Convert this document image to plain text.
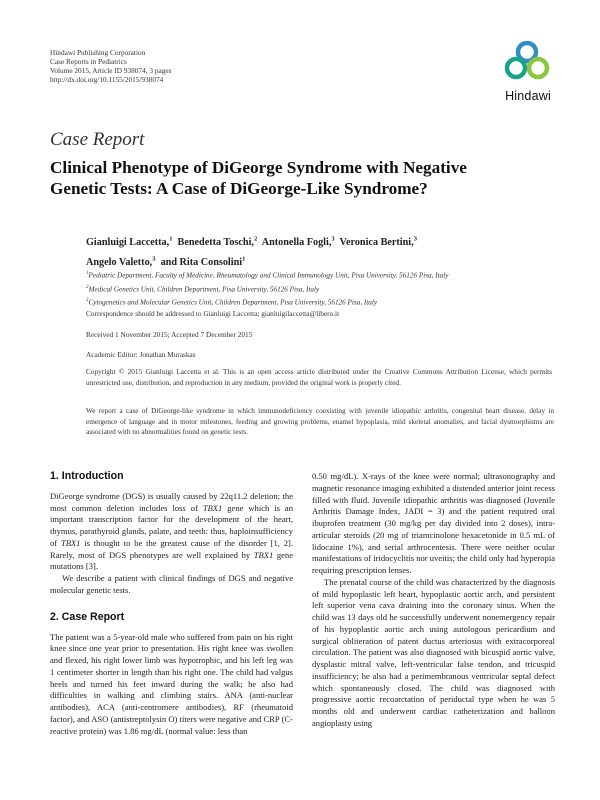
Hindawi Publishing Corporation
Case Reports in Pediatrics
Volume 2015, Article ID 938074, 3 pages
http://dx.doi.org/10.1155/2015/938074
Hindawi
Case Report
Clinical Phenotype of DiGeorge Syndrome with Negative Genetic Tests: A Case of DiGeorge-Like Syndrome?
Gianluigi Laccetta,$^1$ Benedetta Toschi,$^2$ Antonella Fogli,$^3$ Veronica Bertini,$^3$
Angelo Valetto,$^3$ and Rita Consolini$^1$
$^1$Pediatric Department, Faculty of Medicine, Rheumatology and Clinical Immunology Unit, Pisa University, 56126 Pisa, Italy
$^2$Medical Genetics Unit, Children Department, Pisa University, 56126 Pisa, Italy
$^3$Cytogenetics and Molecular Genetics Unit, Children Department, Pisa University, 56126 Pisa, Italy
Correspondence should be addressed to Gianluigi Laccetta; gianluigilaccetta@libero.it
Received 1 November 2015; Accepted 7 December 2015
Academic Editor: Jonathan Muraskas
Copyright © 2015 Gianluigi Laccetta et al. This is an open access article distributed under the Creative Commons Attribution License, which permits unrestricted use, distribution, and reproduction in any medium, provided the original work is properly cited.
We report a case of DiGeorge-like syndrome in which immunodeficiency coexisting with juvenile idiopathic arthritis, congenital heart disease, delay in emergence of language and in motor milestones, feeding and growing problems, enamel hypoplasia, mild skeletal anomalies, and facial dysmorphisms are associated with no abnormalities found on genetic tests.

1. Introduction

DiGeorge syndrome (DGS) is usually caused by 22q11.2 deletion; the most common deletion includes loss of TBX1 gene which is an important transcription factor for the development of the heart, thymus, parathyroid glands, palate, and teeth: thus, haploinsufficiency of TBX1 is thought to be the greatest cause of the disorder [1, 2]. Rarely, most of DGS phenotypes are well explained by TBX1 gene mutations [3].

We describe a patient with clinical findings of DGS and negative molecular genetic tests.

2. Case Report

The patient was a 5-year-old male who suffered from pain on his right knee since one year prior to presentation. His right knee was swollen and flexed, his right lower limb was hypotrophic, and his left leg was 1 centimeter shorter in length than his right one. The child had valgus heels and turned his feet inward during the walk; he also had difficulties in walking and climbing stairs. ANA (anti-nuclear antibodies), ACA (anti-centromere antibodies), RF (rheumatoid factor), and ASO (antistreptolysin O) titers were negative and CRP (C-reactive protein) was 1.86 mg/dL (normal value: less than

0.50 mg/dL). X-rays of the knee were normal; ultrasonography and magnetic resonance imaging exhibited a distended anterior joint recess filled with fluid. Juvenile idiopathic arthritis was diagnosed (Juvenile Arthritis Damage Index, JADI = 3) and the patient required oral ibuprofen treatment (30 mg/kg per day divided into 2 doses), intra-articular steroids (20 mg of triamcinolone hexacetonide in 0.5 mL of lidocaine 1%), and serial arthrocentesis. There were neither ocular manifestations of iridocyclitis nor uveitis; the child only had hyperopia requiring prescription lenses.

The prenatal course of the child was characterized by the diagnosis of mild hypoplastic left heart, hypoplastic aortic arch, and persistent left superior vena cava draining into the coronary sinus. When the child was 13 days old he successfully underwent nonemergency repair of his hypoplastic aortic arch using autologous pericardium and surgical obliteration of patent ductus arteriosus with extracorporeal circulation. The patient was also diagnosed with bicuspid aortic valve, dysplastic mitral valve, left-ventricular false tendon, and tricuspid insufficiency; he also had a perimembranous ventricular septal defect which spontaneously closed. The child was diagnosed with progressive aortic recoarctation of periductal type when he was 5 months old and underwent cardiac catheterization and balloon angioplasty using
